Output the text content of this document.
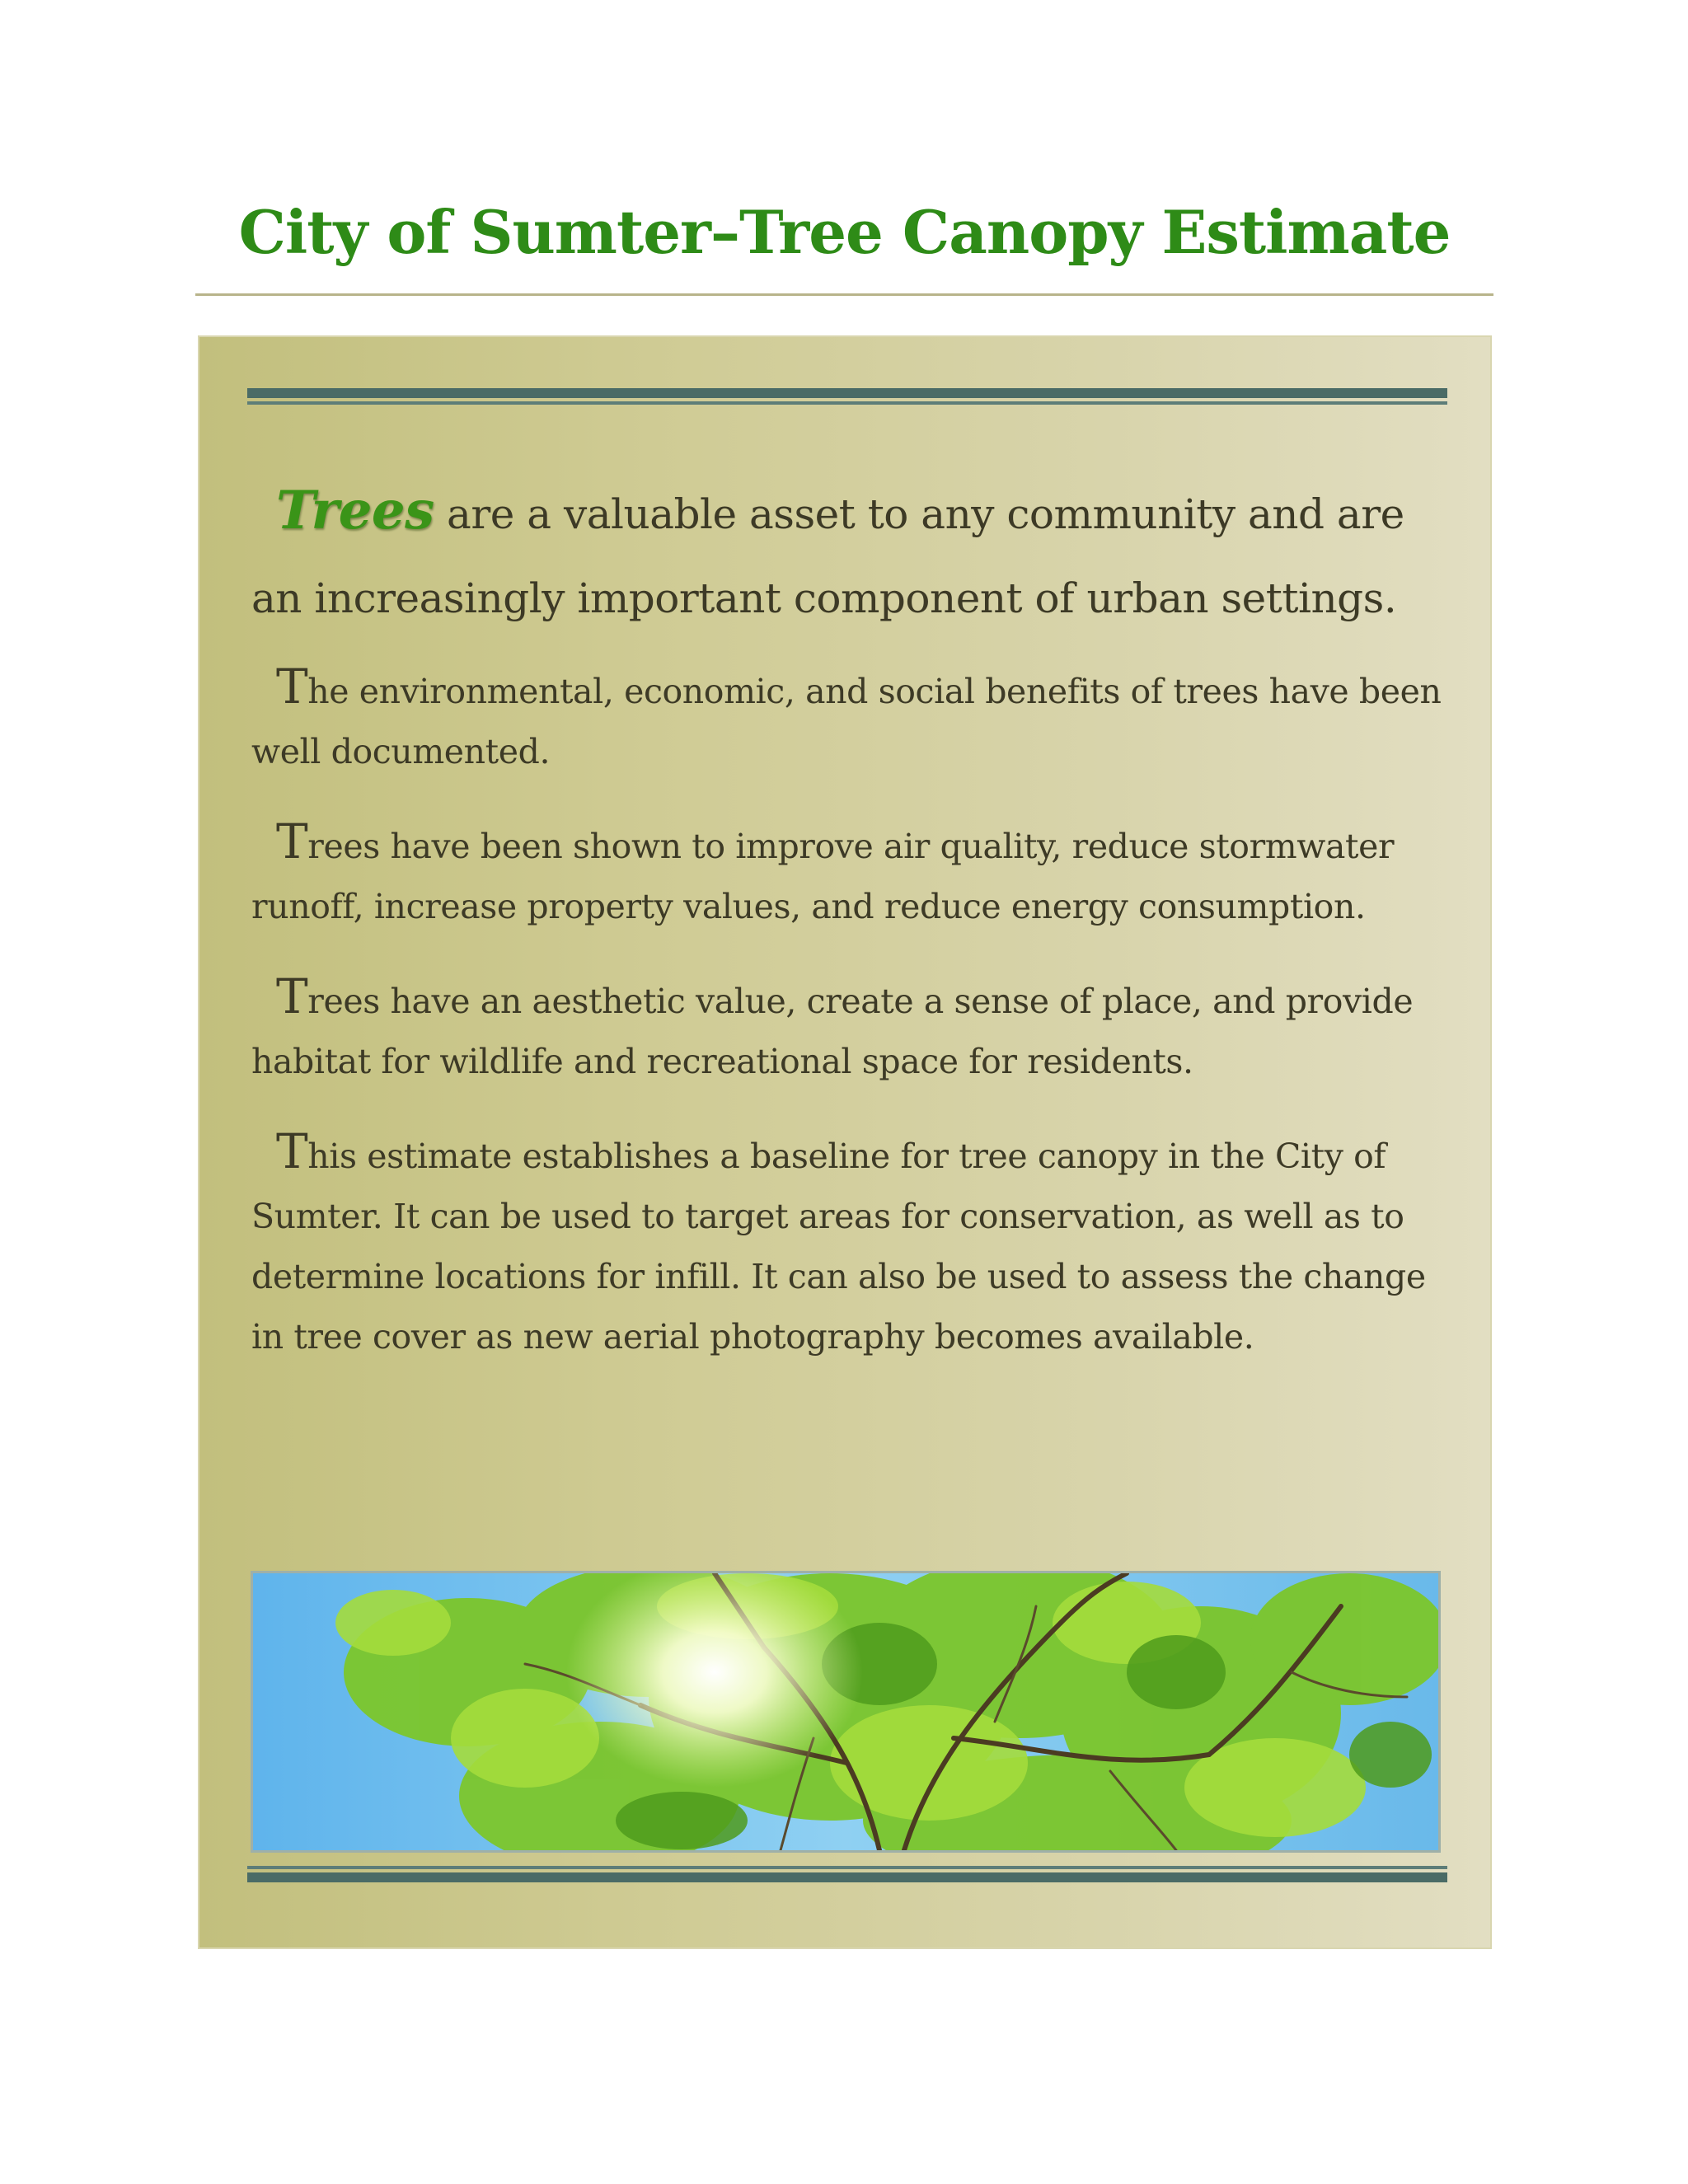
City of Sumter–Tree Canopy Estimate

Trees are a valuable asset to any community and are an increasingly important component of urban settings.

The environmental, economic, and social benefits of trees have been well documented.

Trees have been shown to improve air quality, reduce stormwater runoff, increase property values, and reduce energy consumption.

Trees have an aesthetic value, create a sense of place, and provide habitat for wildlife and recreational space for residents.

This estimate establishes a baseline for tree canopy in the City of Sumter. It can be used to target areas for conservation, as well as to determine locations for infill. It can also be used to assess the change in tree cover as new aerial photography becomes available.
